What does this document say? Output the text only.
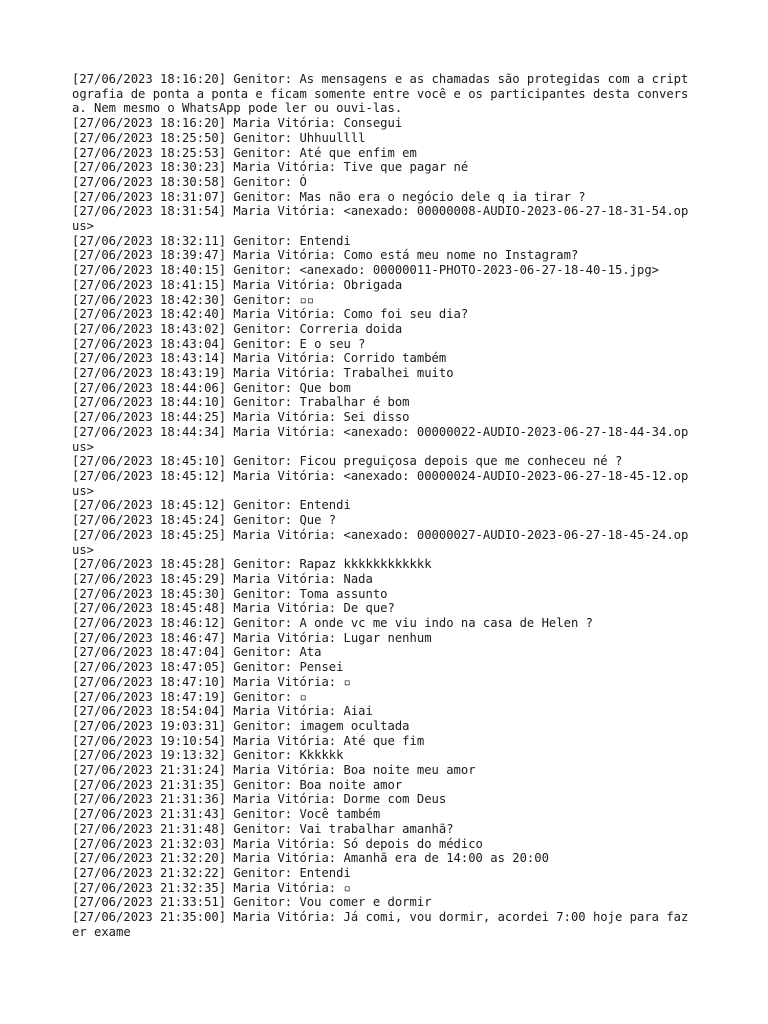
[27/06/2023 18:16:20] Genitor: As mensagens e as chamadas são protegidas com a criptografia de ponta a ponta e ficam somente entre você e os participantes desta conversa. Nem mesmo o WhatsApp pode ler ou ouvi-las.

[27/06/2023 18:16:20] Maria Vitória: Consegui

[27/06/2023 18:25:50] Genitor: Uhhuullll

[27/06/2023 18:25:53] Genitor: Até que enfim em

[27/06/2023 18:30:23] Maria Vitória: Tive que pagar né

[27/06/2023 18:30:58] Genitor: Ó

[27/06/2023 18:31:07] Genitor: Mas não era o negócio dele q ia tirar ?

[27/06/2023 18:31:54] Maria Vitória: <anexado: 00000008-AUDIO-2023-06-27-18-31-54.opus>

[27/06/2023 18:32:11] Genitor: Entendi

[27/06/2023 18:39:47] Maria Vitória: Como está meu nome no Instagram?

[27/06/2023 18:40:15] Genitor: <anexado: 00000011-PHOTO-2023-06-27-18-40-15.jpg>

[27/06/2023 18:41:15] Maria Vitória: Obrigada

[27/06/2023 18:42:30] Genitor: ▫▫

[27/06/2023 18:42:40] Maria Vitória: Como foi seu dia?

[27/06/2023 18:43:02] Genitor: Correria doida

[27/06/2023 18:43:04] Genitor: E o seu ?

[27/06/2023 18:43:14] Maria Vitória: Corrido também

[27/06/2023 18:43:19] Maria Vitória: Trabalhei muito

[27/06/2023 18:44:06] Genitor: Que bom

[27/06/2023 18:44:10] Genitor: Trabalhar é bom

[27/06/2023 18:44:25] Maria Vitória: Sei disso

[27/06/2023 18:44:34] Maria Vitória: <anexado: 00000022-AUDIO-2023-06-27-18-44-34.opus>

[27/06/2023 18:45:10] Genitor: Ficou preguiçosa depois que me conheceu né ?

[27/06/2023 18:45:12] Maria Vitória: <anexado: 00000024-AUDIO-2023-06-27-18-45-12.opus>

[27/06/2023 18:45:12] Genitor: Entendi

[27/06/2023 18:45:24] Genitor: Que ?

[27/06/2023 18:45:25] Maria Vitória: <anexado: 00000027-AUDIO-2023-06-27-18-45-24.opus>

[27/06/2023 18:45:28] Genitor: Rapaz kkkkkkkkkkkk

[27/06/2023 18:45:29] Maria Vitória: Nada

[27/06/2023 18:45:30] Genitor: Toma assunto

[27/06/2023 18:45:48] Maria Vitória: De que?

[27/06/2023 18:46:12] Genitor: A onde vc me viu indo na casa de Helen ?

[27/06/2023 18:46:47] Maria Vitória: Lugar nenhum

[27/06/2023 18:47:04] Genitor: Ata

[27/06/2023 18:47:05] Genitor: Pensei

[27/06/2023 18:47:10] Maria Vitória: ▫

[27/06/2023 18:47:19] Genitor: ▫

[27/06/2023 18:54:04] Maria Vitória: Aiai

[27/06/2023 19:03:31] Genitor: imagem ocultada

[27/06/2023 19:10:54] Maria Vitória: Até que fim

[27/06/2023 19:13:32] Genitor: Kkkkkk

[27/06/2023 21:31:24] Maria Vitória: Boa noite meu amor

[27/06/2023 21:31:35] Genitor: Boa noite amor

[27/06/2023 21:31:36] Maria Vitória: Dorme com Deus

[27/06/2023 21:31:43] Genitor: Você também

[27/06/2023 21:31:48] Genitor: Vai trabalhar amanhã?

[27/06/2023 21:32:03] Maria Vitória: Só depois do médico

[27/06/2023 21:32:20] Maria Vitória: Amanhã era de 14:00 as 20:00

[27/06/2023 21:32:22] Genitor: Entendi

[27/06/2023 21:32:35] Maria Vitória: ▫

[27/06/2023 21:33:51] Genitor: Vou comer e dormir

[27/06/2023 21:35:00] Maria Vitória: Já comi, vou dormir, acordei 7:00 hoje para fazer exame
